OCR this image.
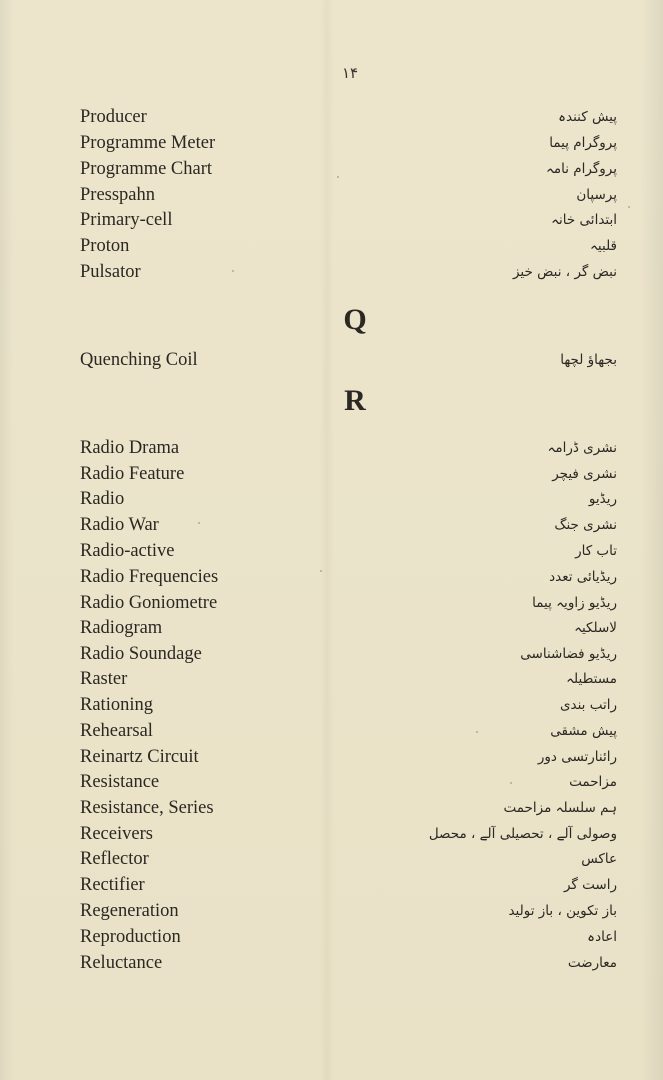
۱۴
Producer	پیش کنندہ
Programme Meter	پروگرام پیما
Programme Chart	پروگرام نامہ
Presspahn	پرسپان
Primary-cell	ابتدائی خانہ
Proton	قلبیہ
Pulsator	نبض گر ، نبض خیز
Q
Quenching Coil	بجھاؤ لچھا
R
Radio Drama	نشری ڈرامہ
Radio Feature	نشری فیچر
Radio	ریڈیو
Radio War	نشری جنگ
Radio-active	تاب کار
Radio Frequencies	ریڈیائی تعدد
Radio Goniometre	ریڈیو زاویہ پیما
Radiogram	لاسلکیہ
Radio Soundage	ریڈیو فضاشناسی
Raster	مستطیلہ
Rationing	راتب بندی
Rehearsal	پیش مشقی
Reinartz Circuit	رائنارتسی دور
Resistance	مزاحمت
Resistance, Series	ہم سلسلہ مزاحمت
Receivers	وصولی آلے ، تحصیلی آلے ، محصل
Reflector	عاکس
Rectifier	راست گر
Regeneration	باز تکوین ، باز تولید
Reproduction	اعادہ
Reluctance	معارضت
